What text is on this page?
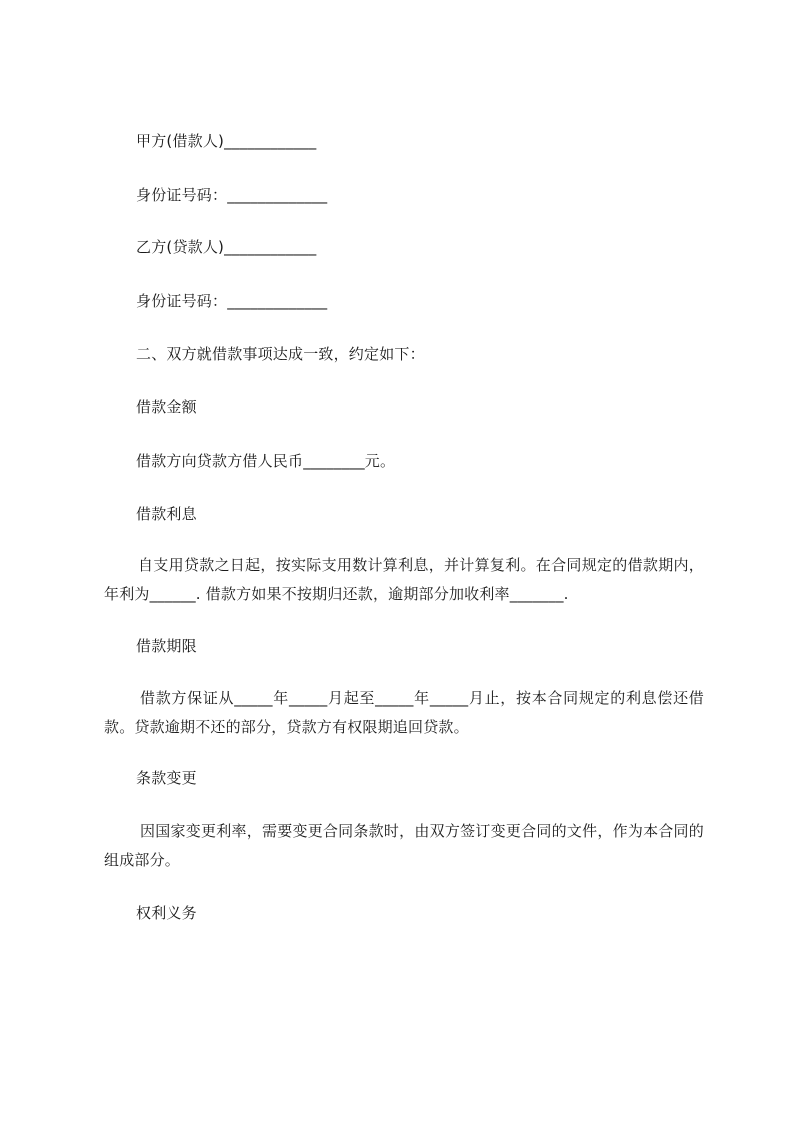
甲方(借款人)____________
身份证号码：_____________
乙方(贷款人)____________
身份证号码：_____________
二、双方就借款事项达成一致，约定如下：
借款金额
借款方向贷款方借人民币________元。
借款利息
自支用贷款之日起，按实际支用数计算利息，并计算复利。在合同规定的借款期内，年利为______. 借款方如果不按期归还款，逾期部分加收利率_______.
借款期限
借款方保证从_____年_____月起至_____年_____月止，按本合同规定的利息偿还借款。贷款逾期不还的部分，贷款方有权限期追回贷款。
条款变更
因国家变更利率，需要变更合同条款时，由双方签订变更合同的文件，作为本合同的组成部分。
权利义务
